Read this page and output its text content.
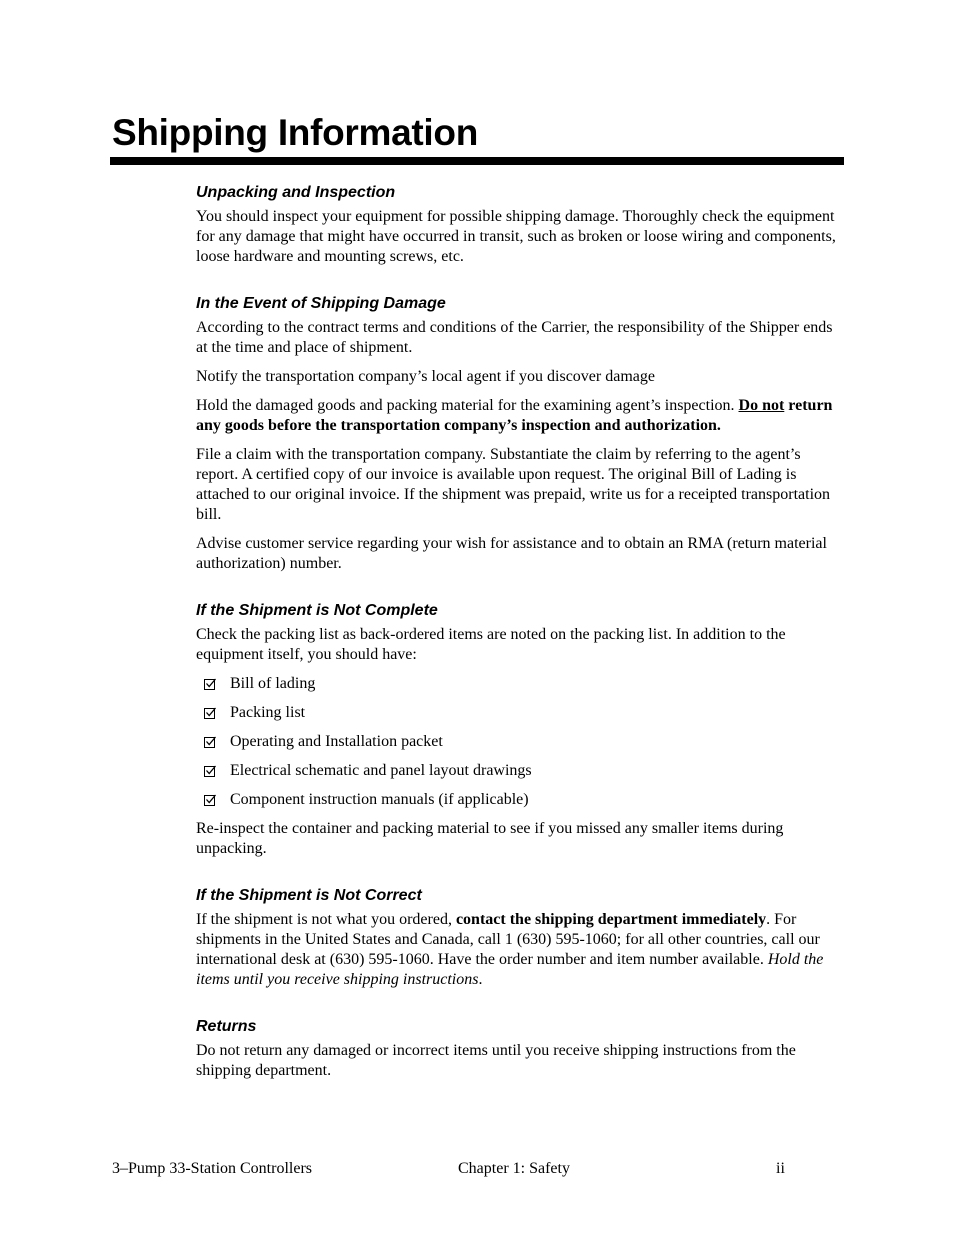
Shipping Information
Unpacking and Inspection

You should inspect your equipment for possible shipping damage. Thoroughly check the equipment for any damage that might have occurred in transit, such as broken or loose wiring and components, loose hardware and mounting screws, etc.

In the Event of Shipping Damage

According to the contract terms and conditions of the Carrier, the responsibility of the Shipper ends at the time and place of shipment.

Notify the transportation company’s local agent if you discover damage

Hold the damaged goods and packing material for the examining agent’s inspection. Do not return any goods before the transportation company’s inspection and authorization.

File a claim with the transportation company. Substantiate the claim by referring to the agent’s report. A certified copy of our invoice is available upon request. The original Bill of Lading is attached to our original invoice. If the shipment was prepaid, write us for a receipted transportation bill.

Advise customer service regarding your wish for assistance and to obtain an RMA (return material authorization) number.

If the Shipment is Not Complete

Check the packing list as back-ordered items are noted on the packing list. In addition to the equipment itself, you should have:

Bill of lading
Packing list
Operating and Installation packet
Electrical schematic and panel layout drawings
Component instruction manuals (if applicable)

Re-inspect the container and packing material to see if you missed any smaller items during unpacking.

If the Shipment is Not Correct

If the shipment is not what you ordered, contact the shipping department immediately. For shipments in the United States and Canada, call 1 (630) 595-1060; for all other countries, call our international desk at (630) 595-1060. Have the order number and item number available. Hold the items until you receive shipping instructions.

Returns

Do not return any damaged or incorrect items until you receive shipping instructions from the shipping department.

3–Pump 33-Station Controllers	Chapter 1: Safety	ii
